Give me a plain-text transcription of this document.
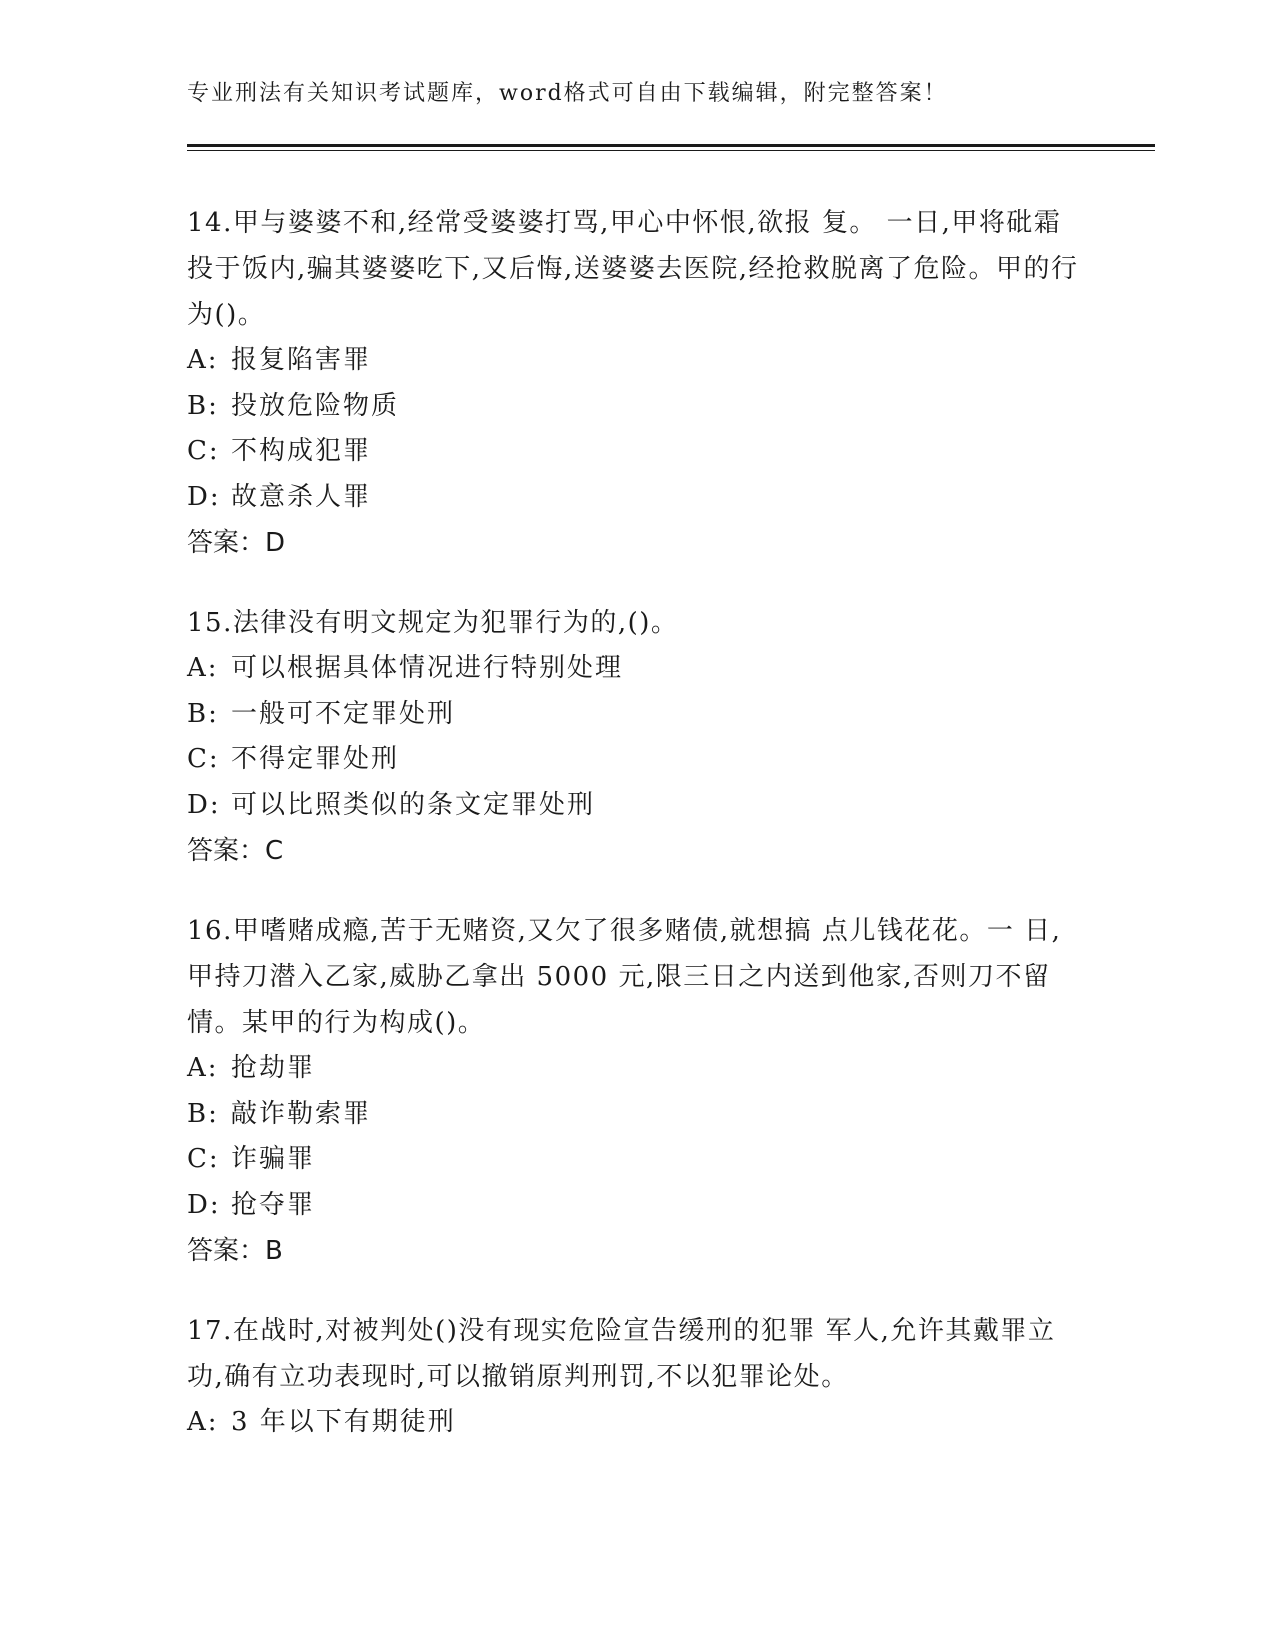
专业刑法有关知识考试题库，word格式可自由下载编辑，附完整答案！

14.甲与婆婆不和,经常受婆婆打骂,甲心中怀恨,欲报 复。 一日,甲将砒霜投于饭内,骗其婆婆吃下,又后悔,送婆婆去医院,经抢救脱离了危险。甲的行为()。

A: 报复陷害罪

B: 投放危险物质

C: 不构成犯罪

D: 故意杀人罪

答案：D

15.法律没有明文规定为犯罪行为的,()。

A: 可以根据具体情况进行特别处理

B: 一般可不定罪处刑

C: 不得定罪处刑

D: 可以比照类似的条文定罪处刑

答案：C

16.甲嗜赌成瘾,苦于无赌资,又欠了很多赌债,就想搞 点儿钱花花。一 日,甲持刀潜入乙家,威胁乙拿出 5000 元,限三日之内送到他家,否则刀不留情。某甲的行为构成()。

A: 抢劫罪

B: 敲诈勒索罪

C: 诈骗罪

D: 抢夺罪

答案：B

17.在战时,对被判处()没有现实危险宣告缓刑的犯罪 军人,允许其戴罪立功,确有立功表现时,可以撤销原判刑罚,不以犯罪论处。

A: 3 年以下有期徒刑
